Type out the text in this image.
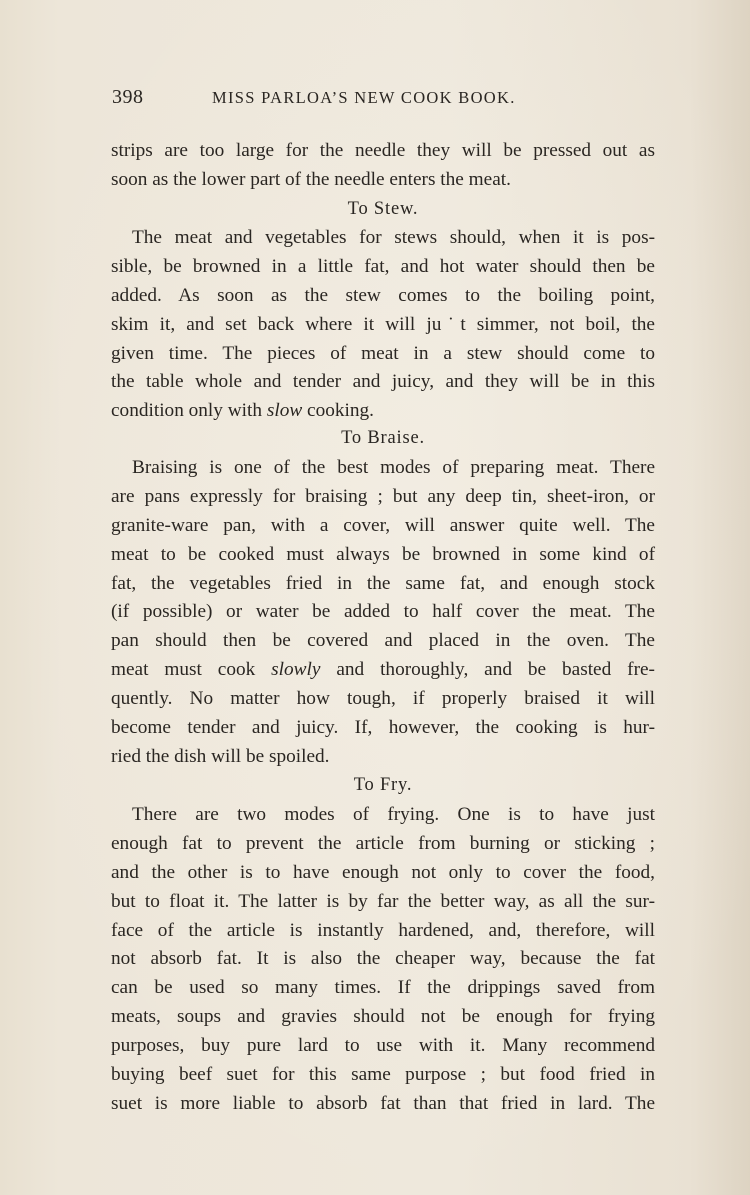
398	MISS PARLOA’S NEW COOK BOOK.
strips are too large for the needle they will be pressed out as
soon as the lower part of the needle enters the meat.
To Stew.
The meat and vegetables for stews should, when it is pos-
sible, be browned in a little fat, and hot water should then be
added. As soon as the stew comes to the boiling point,
skim it, and set back where it will ju˙t simmer, not boil, the
given time. The pieces of meat in a stew should come to
the table whole and tender and juicy, and they will be in this
condition only with slow cooking.
To Braise.
Braising is one of the best modes of preparing meat. There
are pans expressly for braising ; but any deep tin, sheet-iron, or
granite-ware pan, with a cover, will answer quite well. The
meat to be cooked must always be browned in some kind of
fat, the vegetables fried in the same fat, and enough stock
(if possible) or water be added to half cover the meat. The
pan should then be covered and placed in the oven. The
meat must cook slowly and thoroughly, and be basted fre-
quently. No matter how tough, if properly braised it will
become tender and juicy. If, however, the cooking is hur-
ried the dish will be spoiled.
To Fry.
There are two modes of frying. One is to have just
enough fat to prevent the article from burning or sticking ;
and the other is to have enough not only to cover the food,
but to float it. The latter is by far the better way, as all the sur-
face of the article is instantly hardened, and, therefore, will
not absorb fat. It is also the cheaper way, because the fat
can be used so many times. If the drippings saved from
meats, soups and gravies should not be enough for frying
purposes, buy pure lard to use with it. Many recommend
buying beef suet for this same purpose ; but food fried in
suet is more liable to absorb fat than that fried in lard. The
